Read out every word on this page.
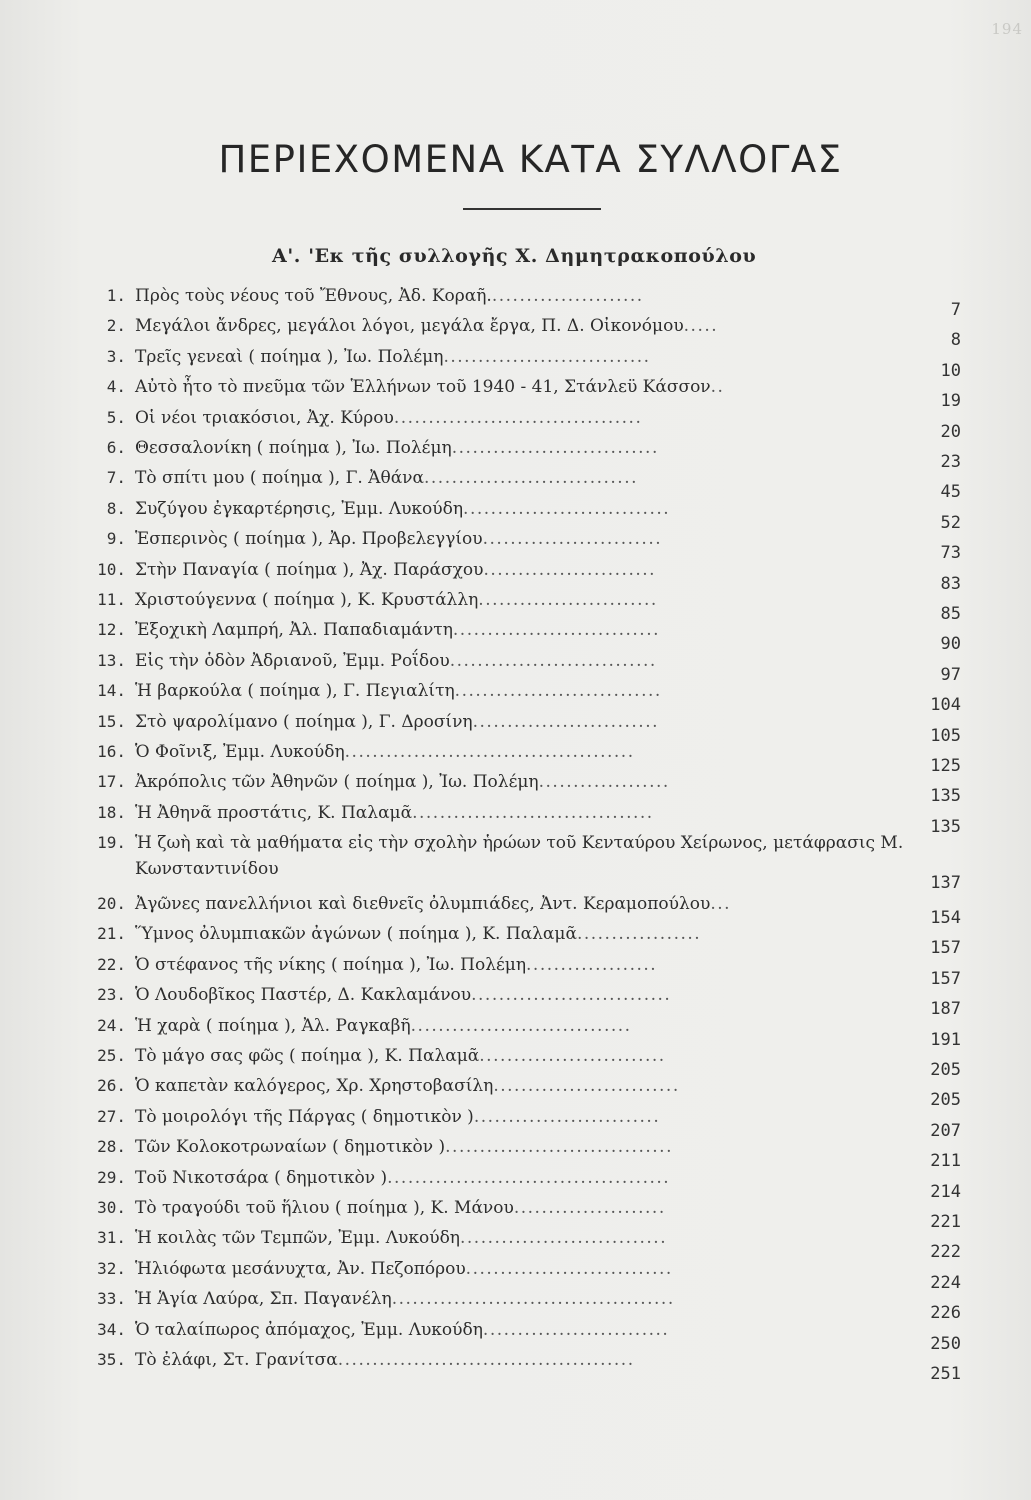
194
ΠΕΡΙΕΧΟΜΕΝΑ ΚΑΤΑ ΣΥΛΛΟΓΑΣ
Α'. 'Εκ τῆς συλλογῆς Χ. Δημητρακοπούλου
1. Πρὸς τοὺς νέους τοῦ Ἔθνους, Ἀδ. Κοραῆ.......................
7
2. Μεγάλοι ἄνδρες, μεγάλοι λόγοι, μεγάλα ἔργα, Π. Δ. Οἰκονόμου.....
8
3. Τρεῖς γενεαὶ ( ποίημα ), Ἰω. Πολέμη..............................
10
4. Αὐτὸ ἦτο τὸ πνεῦμα τῶν Ἑλλήνων τοῦ 1940 - 41, Στάνλεϋ Κάσσον..
19
5. Οἱ νέοι τριακόσιοι, Ἀχ. Κύρου....................................
20
6. Θεσσαλονίκη ( ποίημα ), Ἰω. Πολέμη..............................
23
7. Τὸ σπίτι μου ( ποίημα ), Γ. Ἀθάνα...............................
45
8. Συζύγου ἐγκαρτέρησις, Ἐμμ. Λυκούδη..............................
52
9. Ἑσπερινὸς ( ποίημα ), Ἀρ. Προβελεγγίου..........................
73
10. Στὴν Παναγία ( ποίημα ), Ἀχ. Παράσχου.........................
83
11. Χριστούγεννα ( ποίημα ), Κ. Κρυστάλλη..........................
85
12. Ἐξοχικὴ Λαμπρή, Ἀλ. Παπαδιαμάντη..............................
90
13. Εἰς τὴν ὁδὸν Ἀδριανοῦ, Ἐμμ. Ροΐδου..............................
97
14. Ἡ βαρκούλα ( ποίημα ), Γ. Πεγιαλίτη..............................
104
15. Στὸ ψαρολίμανο ( ποίημα ), Γ. Δροσίνη...........................
105
16. Ὁ Φοῖνιξ, Ἐμμ. Λυκούδη..........................................
125
17. Ἀκρόπολις τῶν Ἀθηνῶν ( ποίημα ), Ἰω. Πολέμη...................
135
18. Ἡ Ἀθηνᾶ προστάτις, Κ. Παλαμᾶ...................................
135
19. Ἡ ζωὴ καὶ τὰ μαθήματα εἰς τὴν σχολὴν ἡρώων τοῦ Κενταύρου Χείρωνος, μετάφρασις Μ. Κωνσταντινίδου
137
20. Ἀγῶνες πανελλήνιοι καὶ διεθνεῖς ὀλυμπιάδες, Ἀντ. Κεραμοπούλου...
154
21. Ὕμνος ὀλυμπιακῶν ἀγώνων ( ποίημα ), Κ. Παλαμᾶ..................
157
22. Ὁ στέφανος τῆς νίκης ( ποίημα ), Ἰω. Πολέμη...................
157
23. Ὁ Λουδοβῖκος Παστέρ, Δ. Κακλαμάνου.............................
187
24. Ἡ χαρὰ ( ποίημα ), Ἀλ. Ραγκαβῆ................................
191
25. Τὸ μάγο σας φῶς ( ποίημα ), Κ. Παλαμᾶ...........................
205
26. Ὁ καπετὰν καλόγερος, Χρ. Χρηστοβασίλη...........................
205
27. Τὸ μοιρολόγι τῆς Πάργας ( δημοτικὸν )...........................
207
28. Τῶν Κολοκοτρωναίων ( δημοτικὸν ).................................
211
29. Τοῦ Νικοτσάρα ( δημοτικὸν ).........................................
214
30. Τὸ τραγούδι τοῦ ἥλιου ( ποίημα ), Κ. Μάνου......................
221
31. Ἡ κοιλὰς τῶν Τεμπῶν, Ἐμμ. Λυκούδη..............................
222
32. Ἡλιόφωτα μεσάνυχτα, Ἀν. Πεζοπόρου..............................
224
33. Ἡ Ἁγία Λαύρα, Σπ. Παγανέλη.........................................
226
34. Ὁ ταλαίπωρος ἀπόμαχος, Ἐμμ. Λυκούδη...........................
250
35. Τὸ ἐλάφι, Στ. Γρανίτσα...........................................
251
